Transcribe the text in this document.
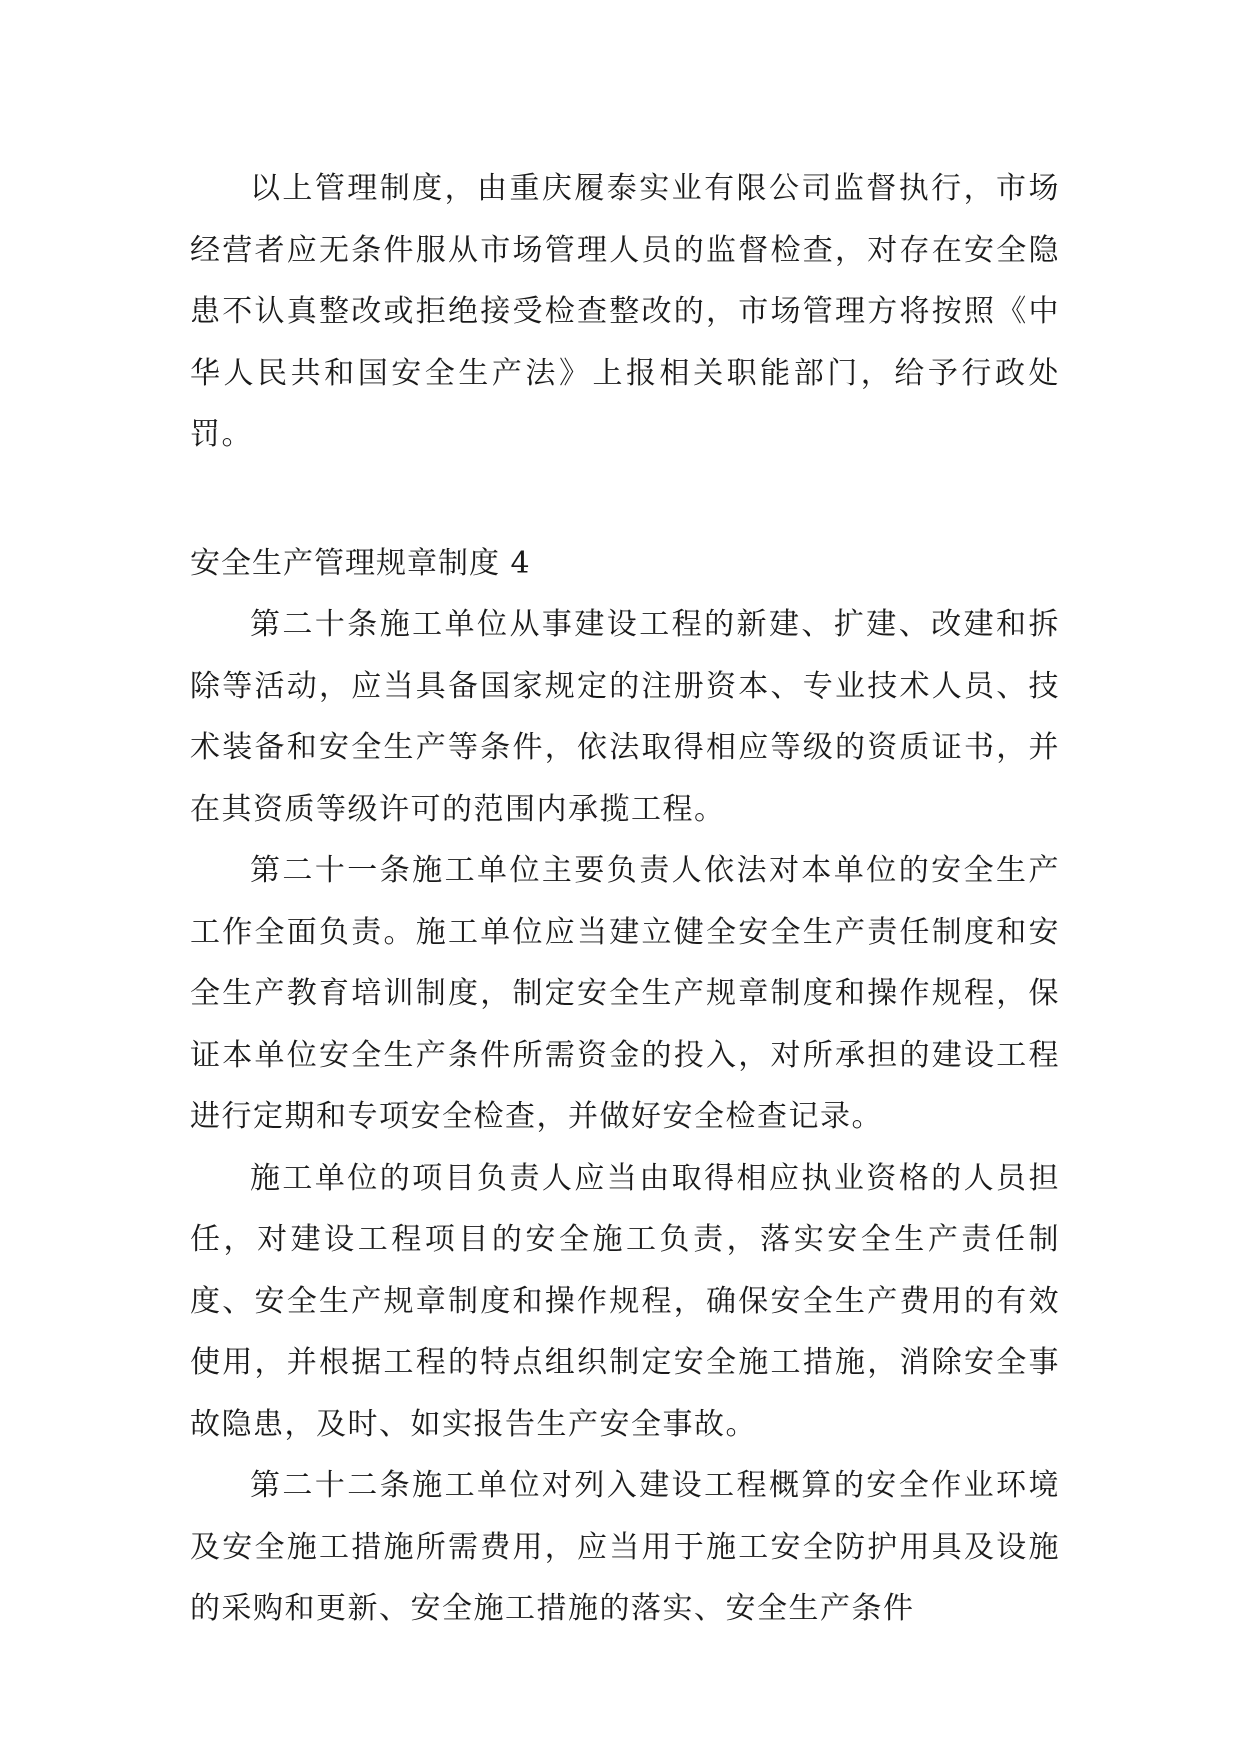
以上管理制度，由重庆履泰实业有限公司监督执行，市场经营者应无条件服从市场管理人员的监督检查，对存在安全隐患不认真整改或拒绝接受检查整改的，市场管理方将按照《中华人民共和国安全生产法》上报相关职能部门，给予行政处罚。

安全生产管理规章制度 4

第二十条施工单位从事建设工程的新建、扩建、改建和拆除等活动，应当具备国家规定的注册资本、专业技术人员、技术装备和安全生产等条件，依法取得相应等级的资质证书，并在其资质等级许可的范围内承揽工程。

第二十一条施工单位主要负责人依法对本单位的安全生产工作全面负责。施工单位应当建立健全安全生产责任制度和安全生产教育培训制度，制定安全生产规章制度和操作规程，保证本单位安全生产条件所需资金的投入，对所承担的建设工程进行定期和专项安全检查，并做好安全检查记录。

施工单位的项目负责人应当由取得相应执业资格的人员担任，对建设工程项目的安全施工负责，落实安全生产责任制度、安全生产规章制度和操作规程，确保安全生产费用的有效使用，并根据工程的特点组织制定安全施工措施，消除安全事故隐患，及时、如实报告生产安全事故。

第二十二条施工单位对列入建设工程概算的安全作业环境及安全施工措施所需费用，应当用于施工安全防护用具及设施的采购和更新、安全施工措施的落实、安全生产条件
